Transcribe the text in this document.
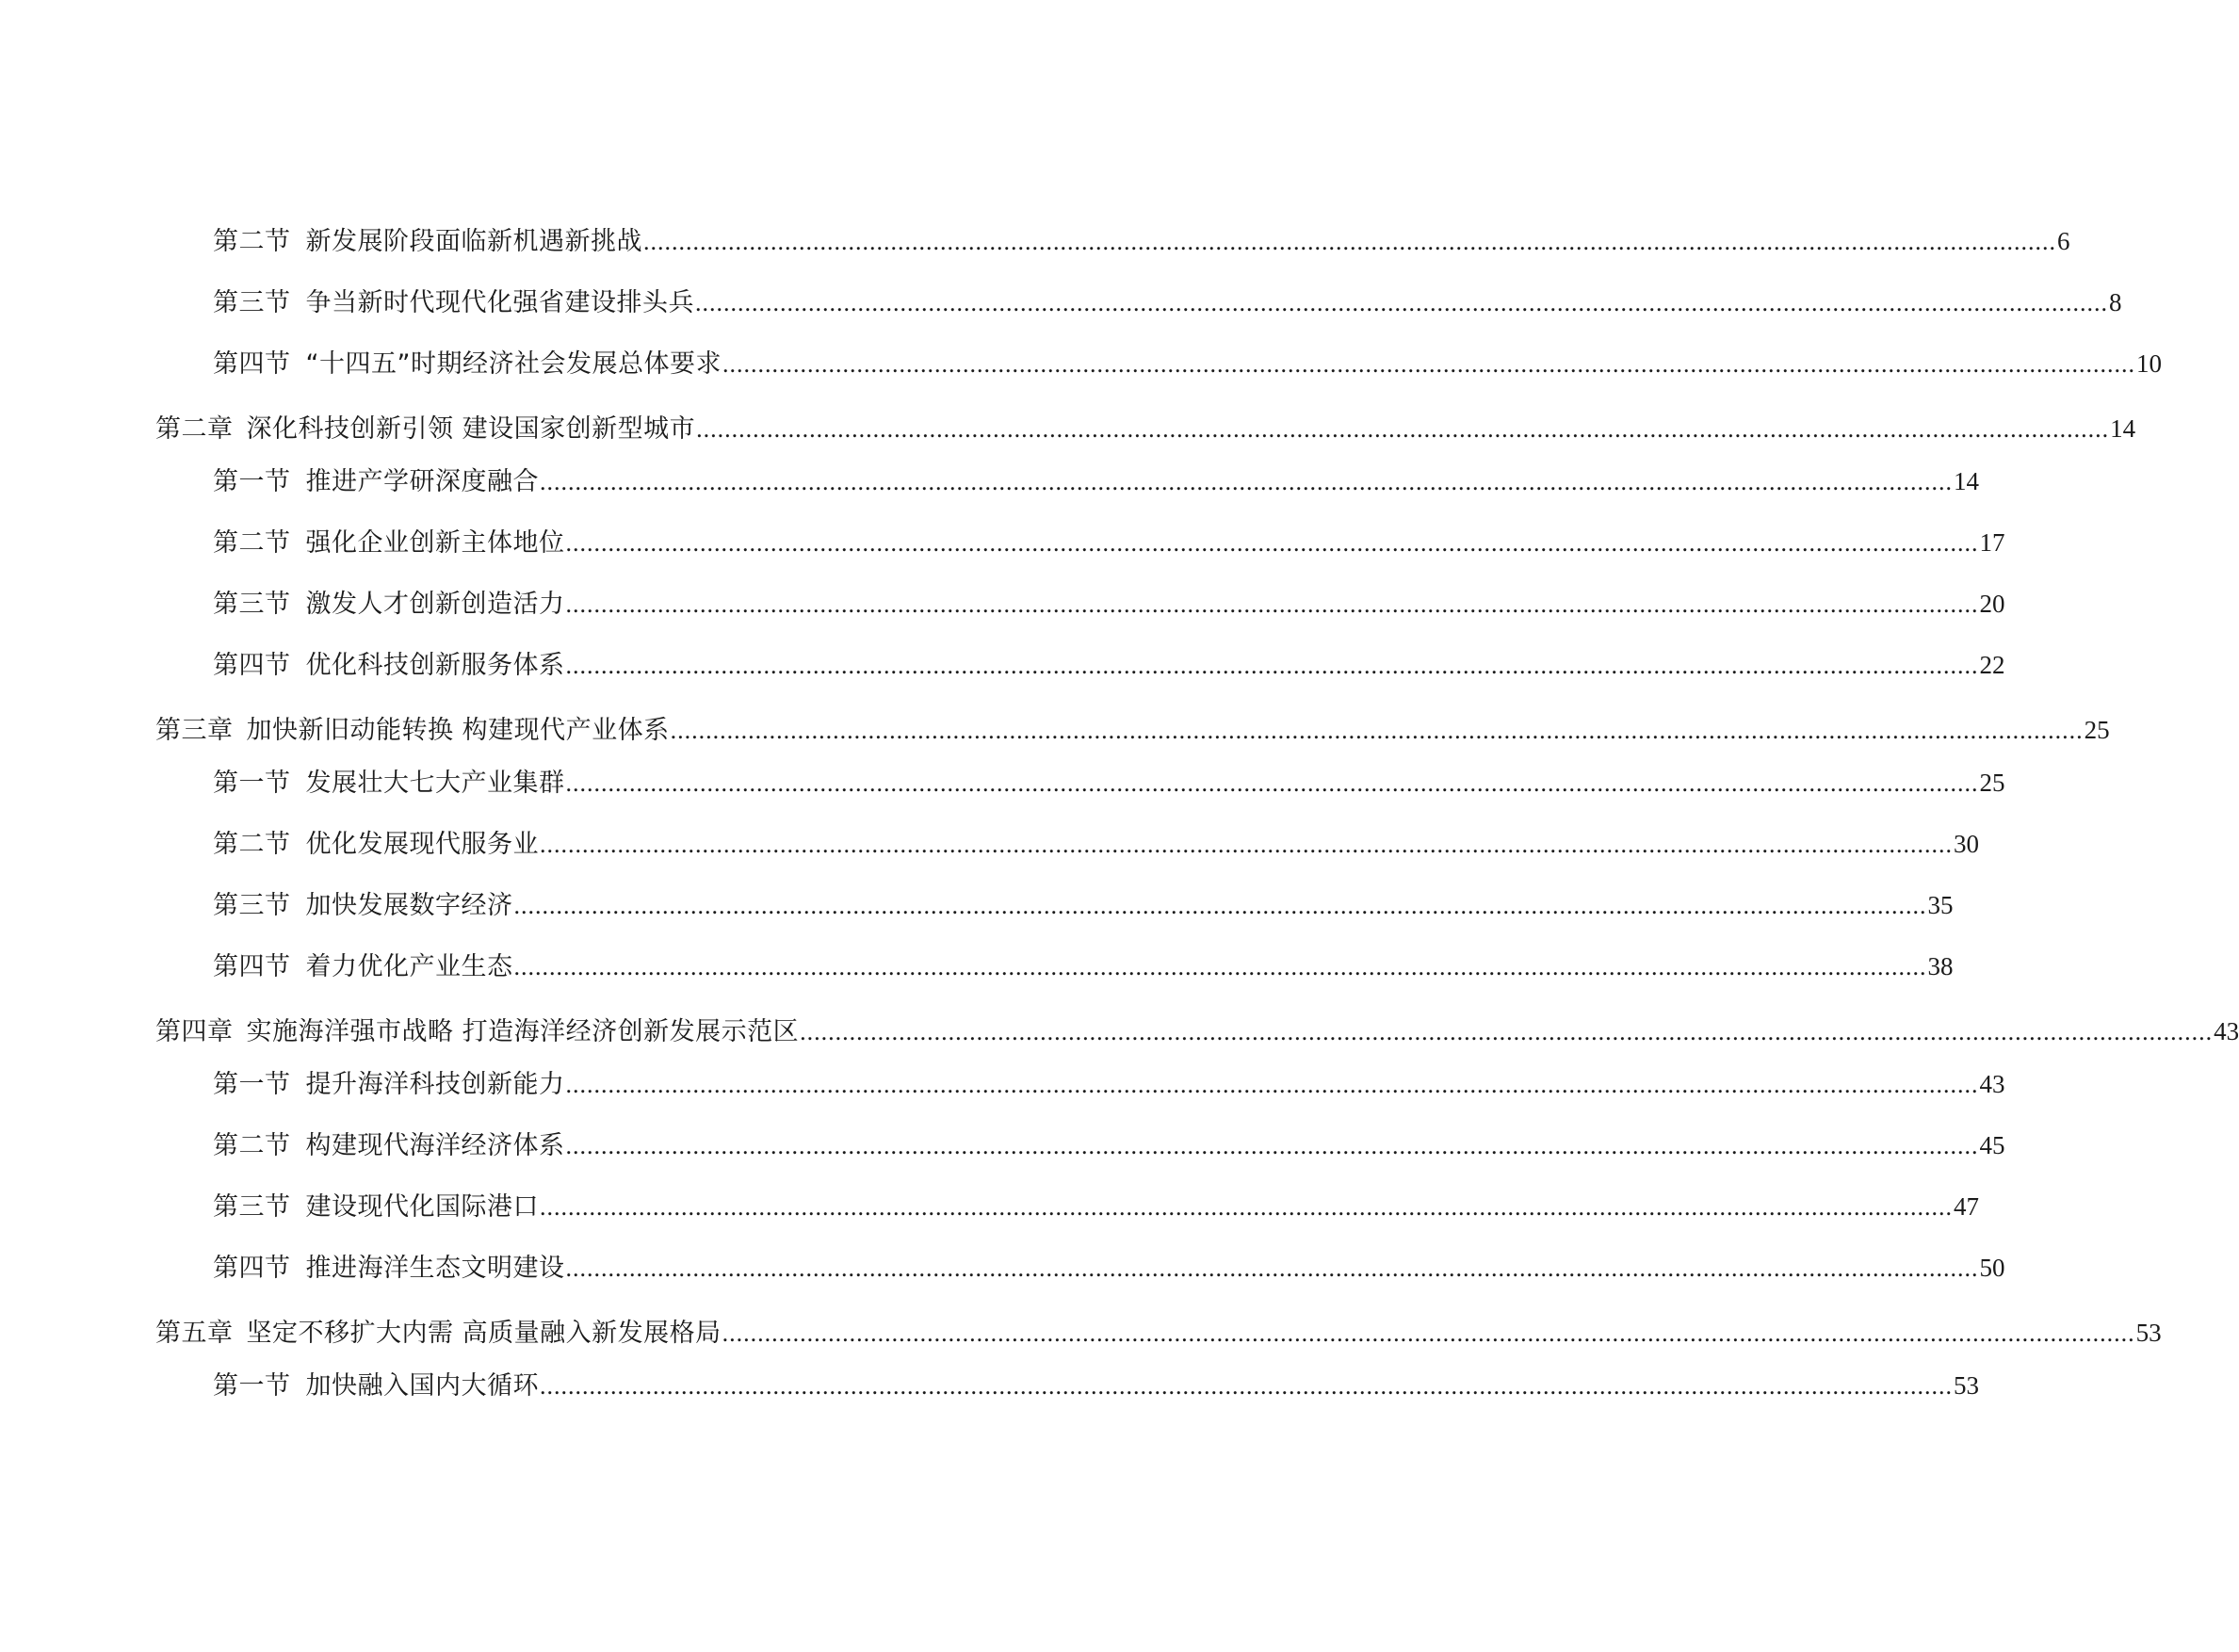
第二节 新发展阶段面临新机遇新挑战 ........................................................................................................................................................................................................ 6
第三节 争当新时代现代化强省建设排头兵 ........................................................................................................................................................................................................ 8
第四节 “十四五”时期经济社会发展总体要求 ........................................................................................................................................................................................................ 10
第二章 深化科技创新引领 建设国家创新型城市 ........................................................................................................................................................................................................ 14
第一节 推进产学研深度融合 ........................................................................................................................................................................................................ 14
第二节 强化企业创新主体地位 ........................................................................................................................................................................................................ 17
第三节 激发人才创新创造活力 ........................................................................................................................................................................................................ 20
第四节 优化科技创新服务体系 ........................................................................................................................................................................................................ 22
第三章 加快新旧动能转换 构建现代产业体系 ........................................................................................................................................................................................................ 25
第一节 发展壮大七大产业集群 ........................................................................................................................................................................................................ 25
第二节 优化发展现代服务业 ........................................................................................................................................................................................................ 30
第三节 加快发展数字经济 ........................................................................................................................................................................................................ 35
第四节 着力优化产业生态 ........................................................................................................................................................................................................ 38
第四章 实施海洋强市战略 打造海洋经济创新发展示范区 ........................................................................................................................................................................................................ 43
第一节 提升海洋科技创新能力 ........................................................................................................................................................................................................ 43
第二节 构建现代海洋经济体系 ........................................................................................................................................................................................................ 45
第三节 建设现代化国际港口 ........................................................................................................................................................................................................ 47
第四节 推进海洋生态文明建设 ........................................................................................................................................................................................................ 50
第五章 坚定不移扩大内需 高质量融入新发展格局 ........................................................................................................................................................................................................ 53
第一节 加快融入国内大循环 ........................................................................................................................................................................................................ 53
